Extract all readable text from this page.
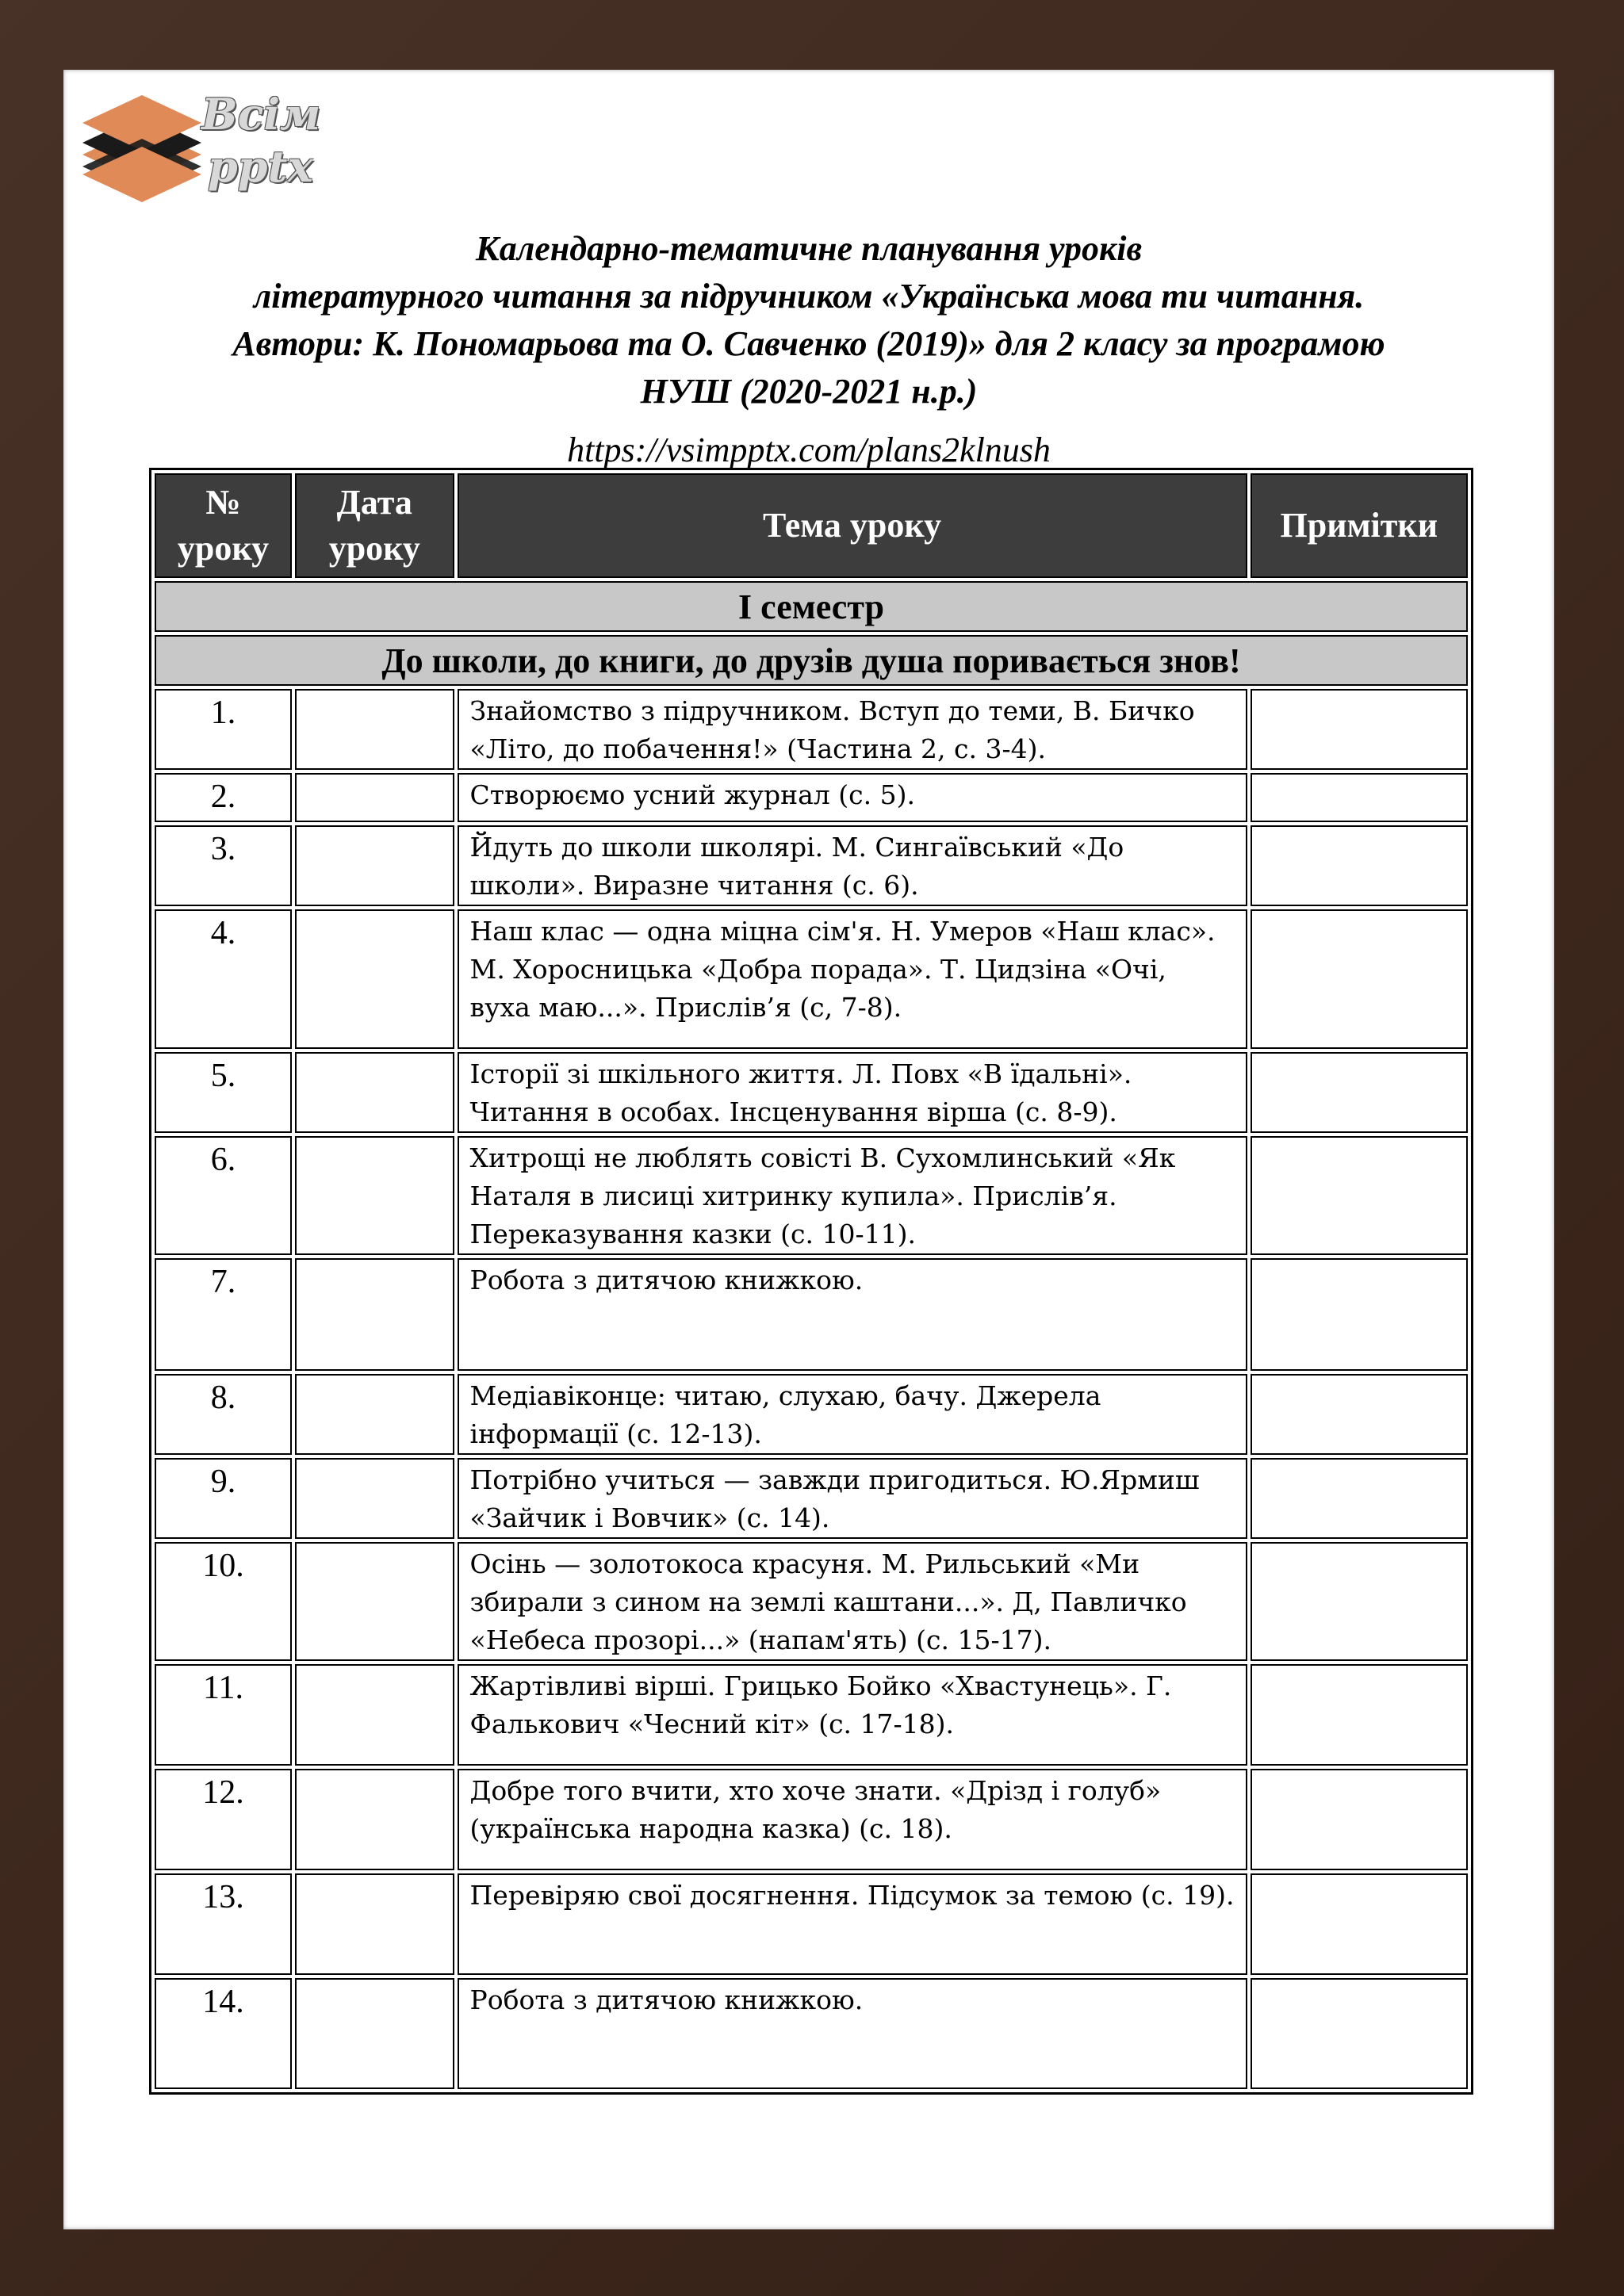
Всім
pptx
Календарно-тематичне планування уроків
літературного читання за підручником «Українська мова ти читання.
Автори: К. Пономарьова та О. Савченко (2019)» для 2 класу за програмою
НУШ (2020-2021 н.р.)
https://vsimpptx.com/plans2klnush
№ уроку	Дата уроку	Тема уроку	Примітки
І семестр			
До школи, до книги, до друзів душа поривається знов!			
1.		Знайомство з підручником. Вступ до теми, В. Бичко «Літо, до побачення!» (Частина 2, с. 3-4).	
2.		Створюємо усний журнал (с. 5).	
3.		Йдуть до школи школярі. М. Сингаївський «До школи». Виразне читання (с. 6).	
4.		Наш клас — одна міцна сім'я. Н. Умеров «Наш клас». М. Хоросницька «Добра порада». Т. Цидзіна «Очі, вуха маю...». Прислів’я (с, 7-8).	
5.		Історії зі шкільного життя. Л. Повх «В їдальні». Читання в особах. Інсценування вірша (с. 8-9).	
6.		Хитрощі не люблять совісті В. Сухомлинський «Як Наталя в лисиці хитринку купила». Прислів’я. Переказування казки (с. 10-11).	
7.		Робота з дитячою книжкою.	
8.		Медіавіконце: читаю, слухаю, бачу. Джерела інформації (с. 12-13).	
9.		Потрібно учиться — завжди пригодиться. Ю.Ярмиш «Зайчик і Вовчик» (с. 14).	
10.		Осінь — золотокоса красуня. М. Рильський «Ми збирали з сином на землі каштани...». Д, Павличко «Небеса прозорі...» (напам'ять) (с. 15-17).	
11.		Жартівливі вірші. Грицько Бойко «Хвастунець». Г. Фалькович «Чесний кіт» (с. 17-18).	
12.		Добре того вчити, хто хоче знати. «Дрізд і голуб» (українська народна казка) (с. 18).	
13.		Перевіряю свої досягнення. Підсумок за темою (с. 19).	
14.		Робота з дитячою книжкою.	
